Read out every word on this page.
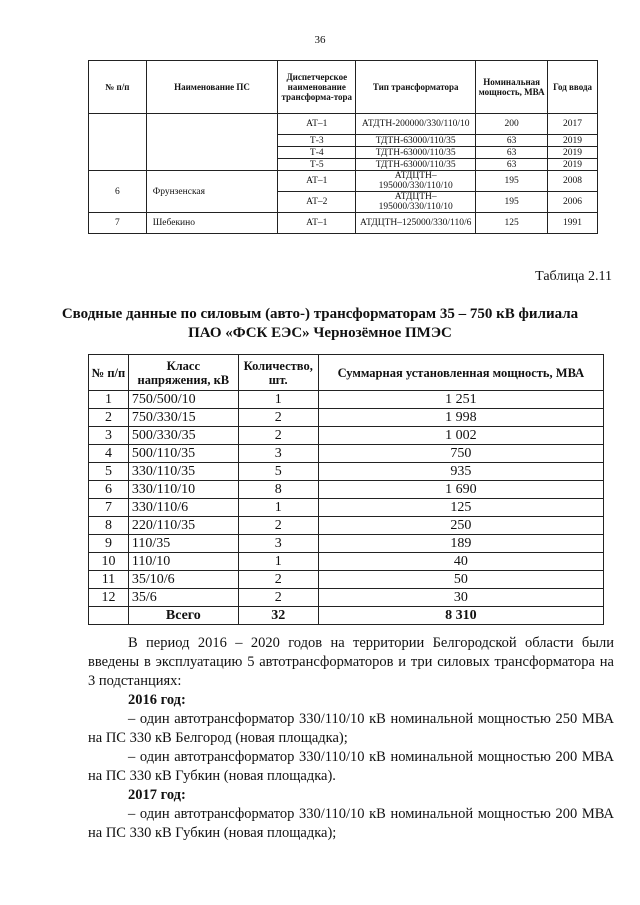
36
№ п/п	Наименование ПС	Диспетчерское наименование трансформа-тора	Тип трансформатора	Номинальная мощность, МВА	Год ввода
		АТ–1	АТДТН-200000/330/110/10	200	2017
		Т-3	ТДТН-63000/110/35	63	2019
		Т-4	ТДТН-63000/110/35	63	2019
		Т-5	ТДТН-63000/110/35	63	2019
6	Фрунзенская	АТ–1	АТДЦТН–195000/330/110/10	195	2008
		АТ–2	АТДЦТН–195000/330/110/10	195	2006
7	Шебекино	АТ–1	АТДЦТН–125000/330/110/6	125	1991
Таблица 2.11
Сводные данные по силовым (авто-) трансформаторам 35 – 750 кВ филиала ПАО «ФСК ЕЭС» Чернозёмное ПМЭС
№ п/п	Класс напряжения, кВ	Количество, шт.	Суммарная установленная мощность, МВА
1	750/500/10	1	1 251
2	750/330/15	2	1 998
3	500/330/35	2	1 002
4	500/110/35	3	750
5	330/110/35	5	935
6	330/110/10	8	1 690
7	330/110/6	1	125
8	220/110/35	2	250
9	110/35	3	189
10	110/10	1	40
11	35/10/6	2	50
12	35/6	2	30
	Всего	32	8 310
В период 2016 – 2020 годов на территории Белгородской области были введены в эксплуатацию 5 автотрансформаторов и три силовых трансформатора на 3 подстанциях:
2016 год:
– один автотрансформатор 330/110/10 кВ номинальной мощностью 250 МВА на ПС 330 кВ Белгород (новая площадка);
– один автотрансформатор 330/110/10 кВ номинальной мощностью 200 МВА на ПС 330 кВ Губкин (новая площадка).
2017 год:
– один автотрансформатор 330/110/10 кВ номинальной мощностью 200 МВА на ПС 330 кВ Губкин (новая площадка);
